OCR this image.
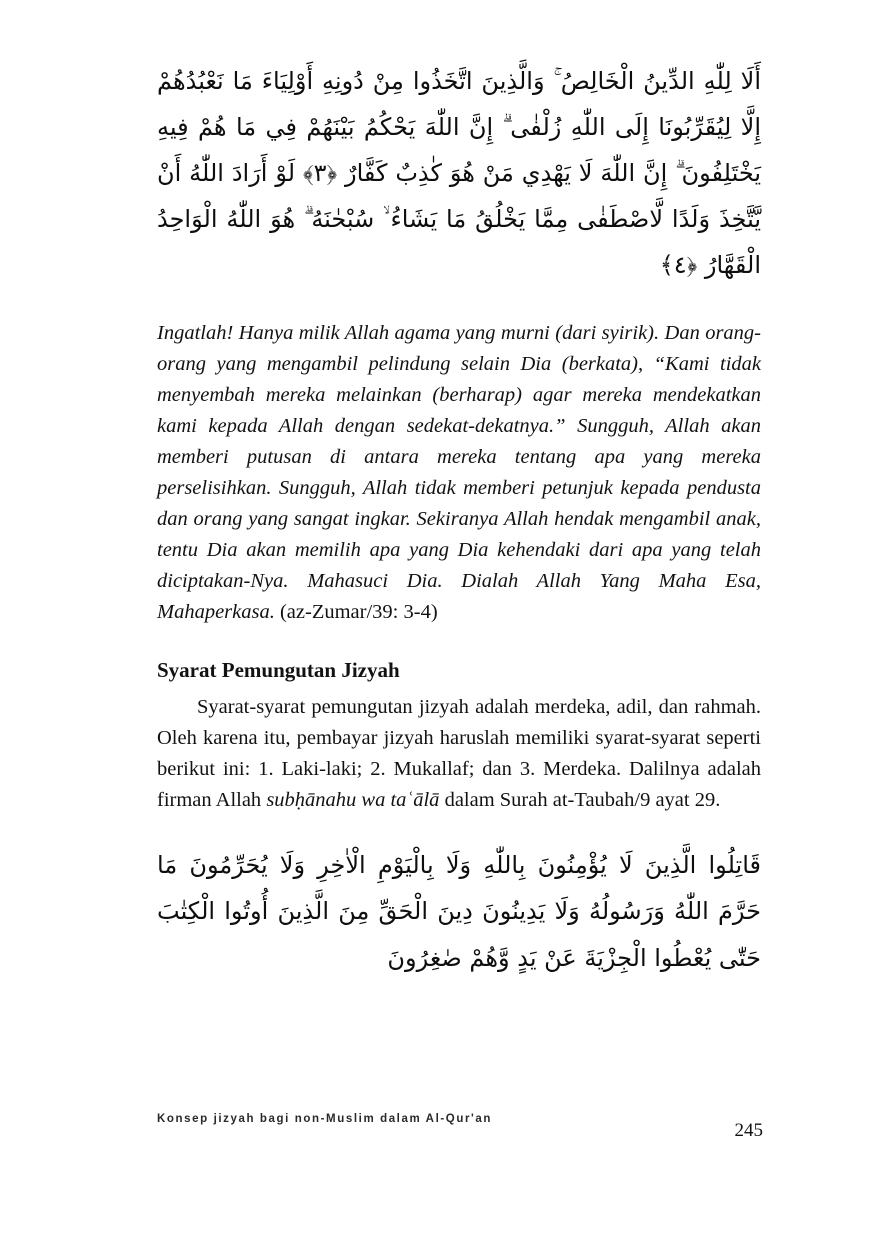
أَلَا لِلّٰهِ الدِّينُ الْخَالِصُ ۚ وَالَّذِينَ اتَّخَذُوا مِنْ دُونِهِ أَوْلِيَاءَ مَا نَعْبُدُهُمْ إِلَّا لِيُقَرِّبُونَا إِلَى اللّٰهِ زُلْفٰى ۗ إِنَّ اللّٰهَ يَحْكُمُ بَيْنَهُمْ فِي مَا هُمْ فِيهِ يَخْتَلِفُونَ ۗ إِنَّ اللّٰهَ لَا يَهْدِي مَنْ هُوَ كٰذِبٌ كَفَّارٌ ﴿٣﴾ لَوْ أَرَادَ اللّٰهُ أَنْ يَّتَّخِذَ وَلَدًا لَّاصْطَفٰى مِمَّا يَخْلُقُ مَا يَشَاءُ ۙ سُبْحٰنَهُ ۗ هُوَ اللّٰهُ الْوَاحِدُ الْقَهَّارُ ﴿٤﴾

Ingatlah! Hanya milik Allah agama yang murni (dari syirik). Dan orang-orang yang mengambil pelindung selain Dia (berkata), “Kami tidak menyembah mereka melainkan (berharap) agar mereka mendekatkan kami kepada Allah dengan sedekat-dekatnya.” Sungguh, Allah akan memberi putusan di antara mereka tentang apa yang mereka perselisihkan. Sungguh, Allah tidak memberi petunjuk kepada pendusta dan orang yang sangat ingkar. Sekiranya Allah hendak mengambil anak, tentu Dia akan memilih apa yang Dia kehendaki dari apa yang telah diciptakan-Nya. Mahasuci Dia. Dialah Allah Yang Maha Esa, Mahaperkasa. (az-Zumar/39: 3-4)

Syarat Pemungutan Jizyah

Syarat-syarat pemungutan jizyah adalah merdeka, adil, dan rahmah. Oleh karena itu, pembayar jizyah haruslah memiliki syarat-syarat seperti berikut ini: 1. Laki-laki; 2. Mukallaf; dan 3. Merdeka. Dalilnya adalah firman Allah subḥānahu wa taʿālā dalam Surah at-Taubah/9 ayat 29.

قَاتِلُوا الَّذِينَ لَا يُؤْمِنُونَ بِاللّٰهِ وَلَا بِالْيَوْمِ الْاٰخِرِ وَلَا يُحَرِّمُونَ مَا حَرَّمَ اللّٰهُ وَرَسُولُهُ وَلَا يَدِينُونَ دِينَ الْحَقِّ مِنَ الَّذِينَ أُوتُوا الْكِتٰبَ حَتّٰى يُعْطُوا الْجِزْيَةَ عَنْ يَدٍ وَّهُمْ صٰغِرُونَ
Konsep jizyah bagi non-Muslim dalam Al-Qur'an
245
